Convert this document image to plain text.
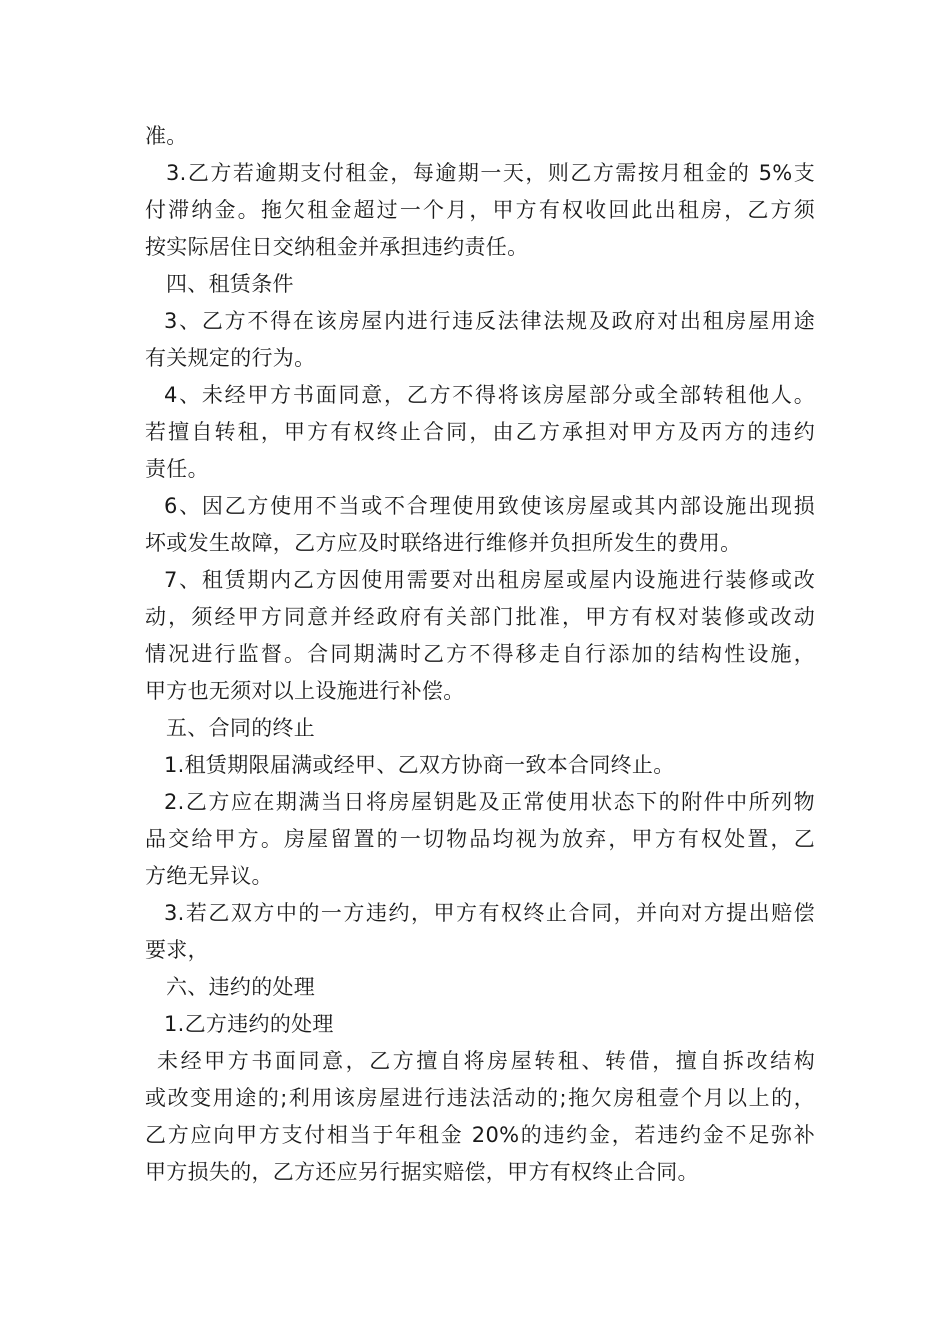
准。
3.乙方若逾期支付租金，每逾期一天，则乙方需按月租金的 5%支
付滞纳金。拖欠租金超过一个月，甲方有权收回此出租房，乙方须
按实际居住日交纳租金并承担违约责任。
四、租赁条件
3、乙方不得在该房屋内进行违反法律法规及政府对出租房屋用途
有关规定的行为。
4、未经甲方书面同意，乙方不得将该房屋部分或全部转租他人。
若擅自转租，甲方有权终止合同，由乙方承担对甲方及丙方的违约
责任。
6、因乙方使用不当或不合理使用致使该房屋或其内部设施出现损
坏或发生故障，乙方应及时联络进行维修并负担所发生的费用。
7、租赁期内乙方因使用需要对出租房屋或屋内设施进行装修或改
动，须经甲方同意并经政府有关部门批准，甲方有权对装修或改动
情况进行监督。合同期满时乙方不得移走自行添加的结构性设施，
甲方也无须对以上设施进行补偿。
五、合同的终止
1.租赁期限届满或经甲、乙双方协商一致本合同终止。
2.乙方应在期满当日将房屋钥匙及正常使用状态下的附件中所列物
品交给甲方。房屋留置的一切物品均视为放弃，甲方有权处置，乙
方绝无异议。
3.若乙双方中的一方违约，甲方有权终止合同，并向对方提出赔偿
要求，
六、违约的处理
1.乙方违约的处理
未经甲方书面同意，乙方擅自将房屋转租、转借，擅自拆改结构
或改变用途的;利用该房屋进行违法活动的;拖欠房租壹个月以上的，
乙方应向甲方支付相当于年租金 20%的违约金，若违约金不足弥补
甲方损失的，乙方还应另行据实赔偿，甲方有权终止合同。
